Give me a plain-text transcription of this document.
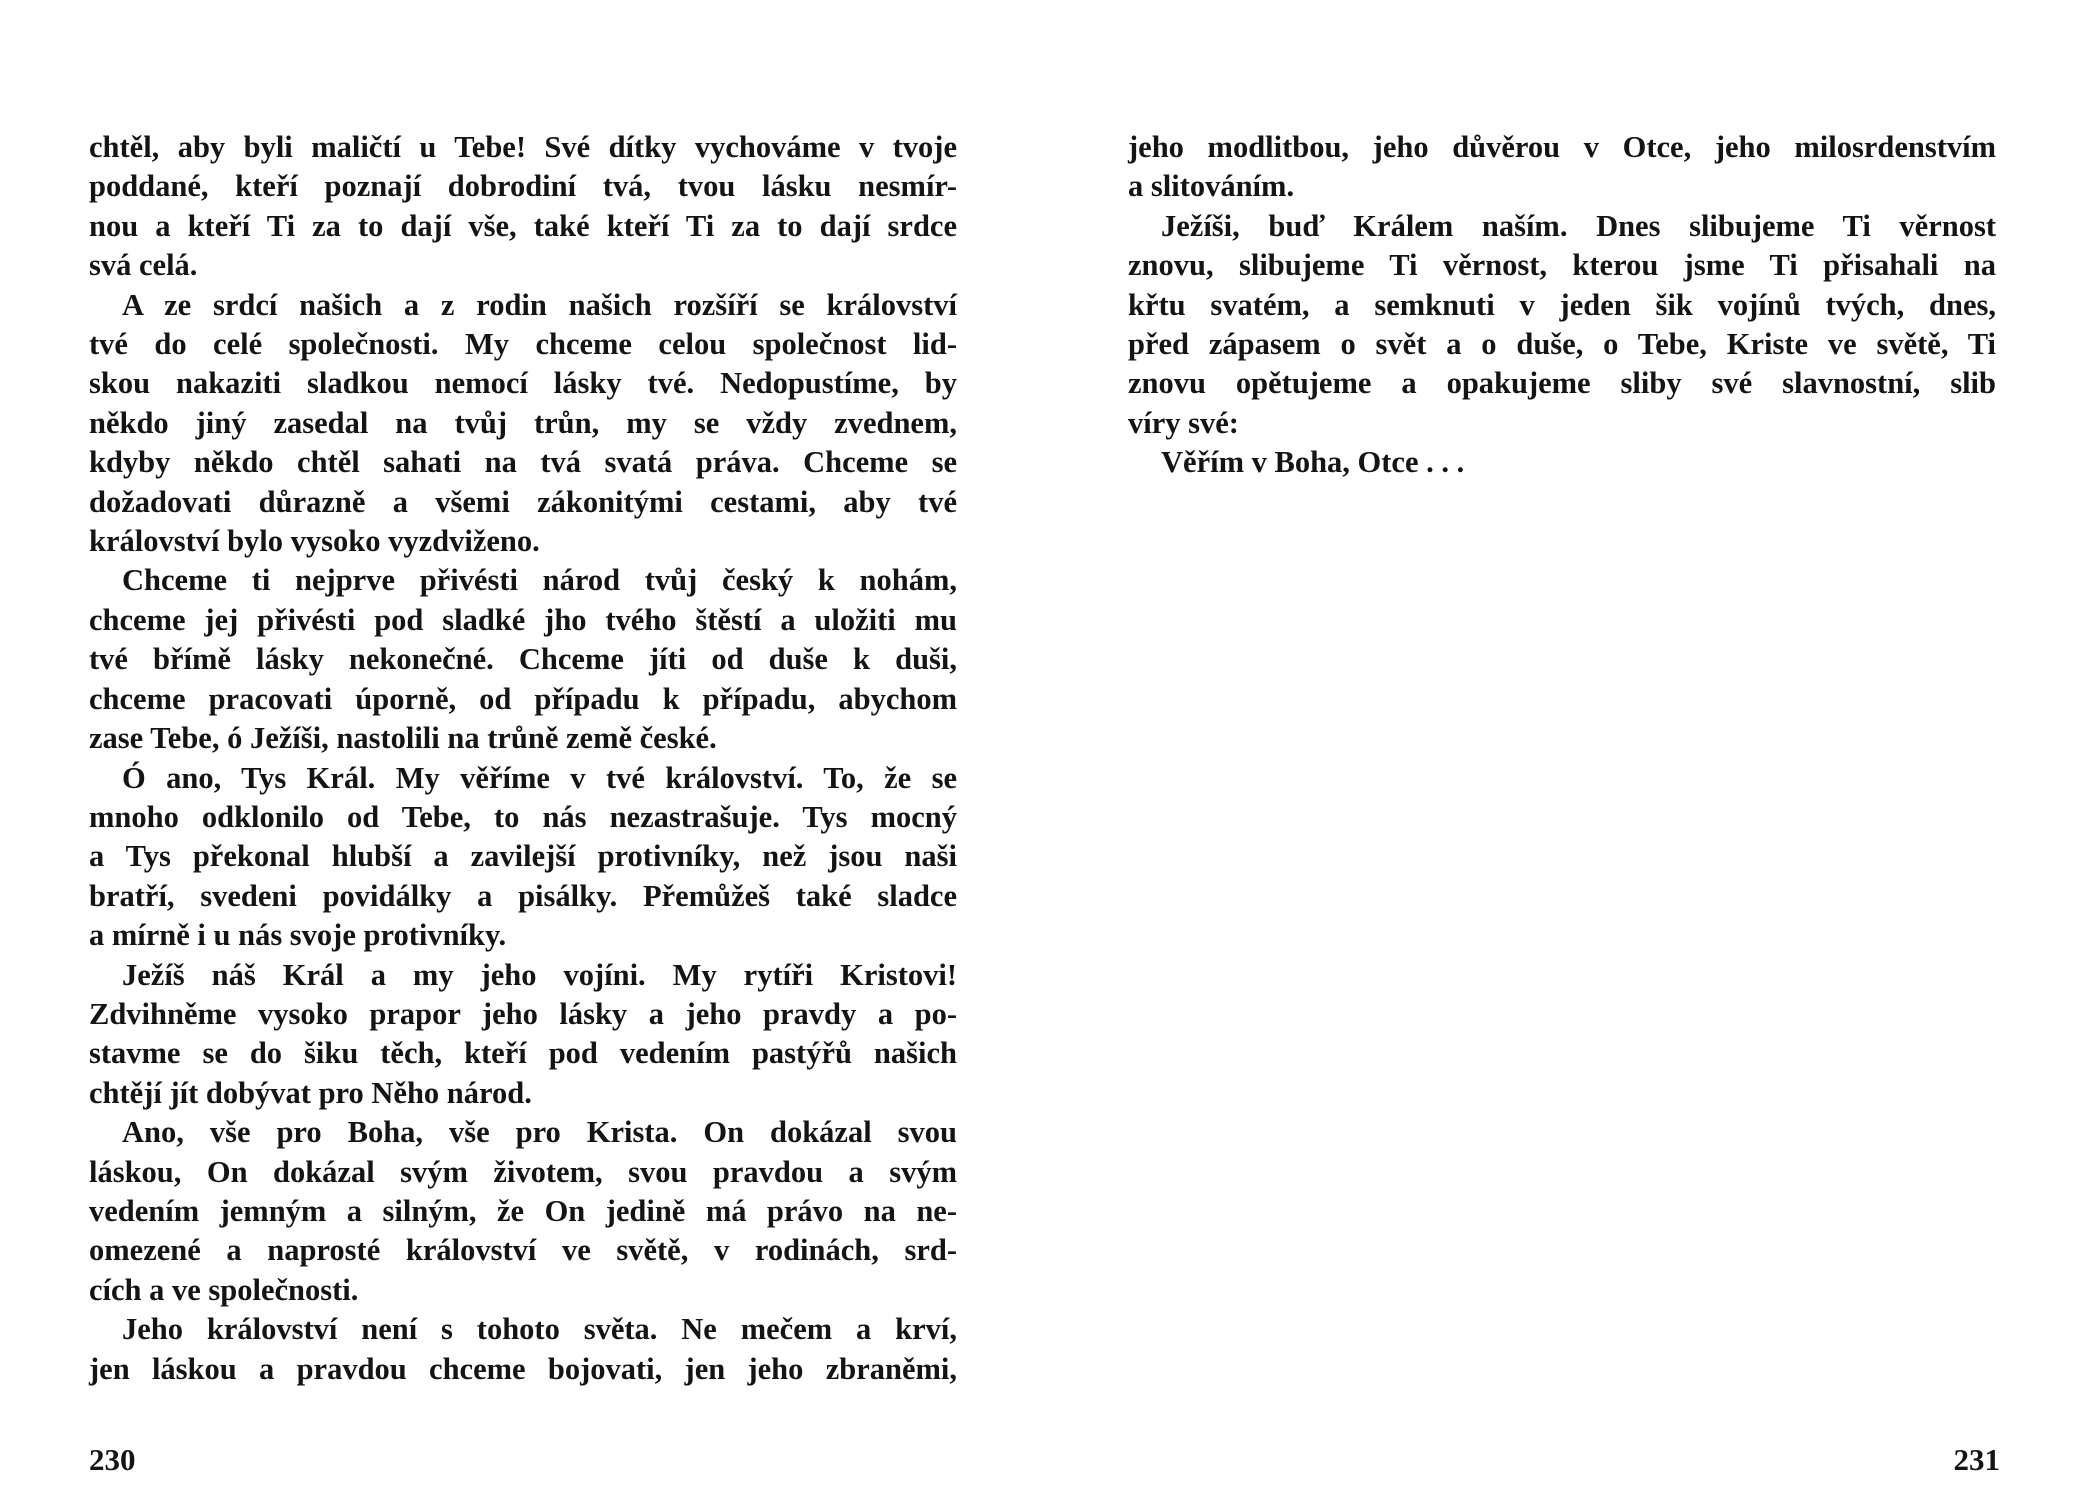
chtěl, aby byli maličtí u Tebe! Své dítky vychováme v tvoje
poddané, kteří poznají dobrodiní tvá, tvou lásku nesmír-
nou a kteří Ti za to dají vše, také kteří Ti za to dají srdce
svá celá.
A ze srdcí našich a z rodin našich rozšíří se království
tvé do celé společnosti. My chceme celou společnost lid-
skou nakaziti sladkou nemocí lásky tvé. Nedopustíme, by
někdo jiný zasedal na tvůj trůn, my se vždy zvednem,
kdyby někdo chtěl sahati na tvá svatá práva. Chceme se
dožadovati důrazně a všemi zákonitými cestami, aby tvé
království bylo vysoko vyzdviženo.
Chceme ti nejprve přivésti národ tvůj český k nohám,
chceme jej přivésti pod sladké jho tvého štěstí a uložiti mu
tvé břímě lásky nekonečné. Chceme jíti od duše k duši,
chceme pracovati úporně, od případu k případu, abychom
zase Tebe, ó Ježíši, nastolili na trůně země české.
Ó ano, Tys Král. My věříme v tvé království. To, že se
mnoho odklonilo od Tebe, to nás nezastrašuje. Tys mocný
a Tys překonal hlubší a zavilejší protivníky, než jsou naši
bratří, svedeni povidálky a pisálky. Přemůžeš také sladce
a mírně i u nás svoje protivníky.
Ježíš náš Král a my jeho vojíni. My rytíři Kristovi!
Zdvihněme vysoko prapor jeho lásky a jeho pravdy a po-
stavme se do šiku těch, kteří pod vedením pastýřů našich
chtějí jít dobývat pro Něho národ.
Ano, vše pro Boha, vše pro Krista. On dokázal svou
láskou, On dokázal svým životem, svou pravdou a svým
vedením jemným a silným, že On jedině má právo na ne-
omezené a naprosté království ve světě, v rodinách, srd-
cích a ve společnosti.
Jeho království není s tohoto světa. Ne mečem a krví,
jen láskou a pravdou chceme bojovati, jen jeho zbraněmi,
230
jeho modlitbou, jeho důvěrou v Otce, jeho milosrdenstvím
a slitováním.
Ježíši, buď Králem naším. Dnes slibujeme Ti věrnost
znovu, slibujeme Ti věrnost, kterou jsme Ti přisahali na
křtu svatém, a semknuti v jeden šik vojínů tvých, dnes,
před zápasem o svět a o duše, o Tebe, Kriste ve světě, Ti
znovu opětujeme a opakujeme sliby své slavnostní, slib
víry své:
Věřím v Boha, Otce . . .
231
